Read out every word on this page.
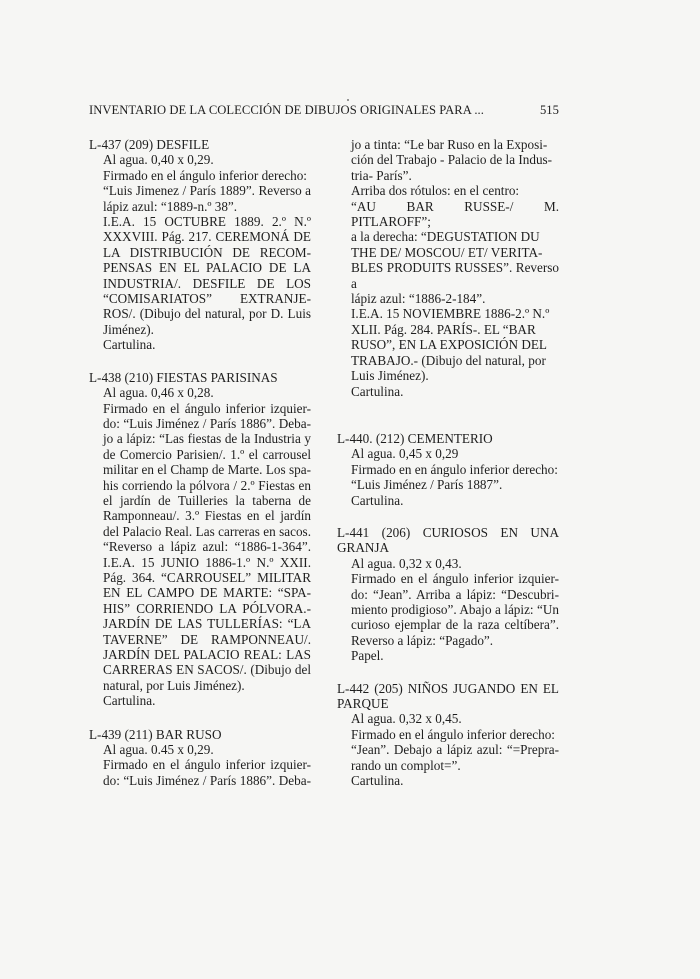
INVENTARIO DE LA COLECCIÓN DE DIBUJOS ORIGINALES PARA ...	515
L-437 (209) DESFILE

Al agua. 0,40 x 0,29.

Firmado en el ángulo inferior derecho:

“Luis Jimenez / París 1889”. Reverso a

lápiz azul: “1889-n.º 38”.

I.E.A. 15 OCTUBRE 1889. 2.º N.º

XXXVIII. Pág. 217. CEREMONÁ DE

LA DISTRIBUCIÓN DE RECOM-

PENSAS EN EL PALACIO DE LA

INDUSTRIA/. DESFILE DE LOS

“COMISARIATOS” EXTRANJE-

ROS/. (Dibujo del natural, por D. Luis

Jiménez).

Cartulina.

L-438 (210) FIESTAS PARISINAS

Al agua. 0,46 x 0,28.

Firmado en el ángulo inferior izquier-

do: “Luis Jiménez / París 1886”. Deba-

jo a lápiz: “Las fiestas de la Industria y

de Comercio Parisien/. 1.º el carrousel

militar en el Champ de Marte. Los spa-

his corriendo la pólvora / 2.º Fiestas en

el jardín de Tuilleries la taberna de

Ramponneau/. 3.º Fiestas en el jardín

del Palacio Real. Las carreras en sacos.

“Reverso a lápiz azul: “1886-1-364”.

I.E.A. 15 JUNIO 1886-1.º N.º XXII.

Pág. 364. “CARROUSEL” MILITAR

EN EL CAMPO DE MARTE: “SPA-

HIS” CORRIENDO LA PÓLVORA.-

JARDÍN DE LAS TULLERÍAS: “LA

TAVERNE” DE RAMPONNEAU/.

JARDÍN DEL PALACIO REAL: LAS

CARRERAS EN SACOS/. (Dibujo del

natural, por Luis Jiménez).

Cartulina.

L-439 (211) BAR RUSO

Al agua. 0.45 x 0,29.

Firmado en el ángulo inferior izquier-

do: “Luis Jiménez / París 1886”. Deba-

jo a tinta: “Le bar Ruso en la Exposi-

ción del Trabajo - Palacio de la Indus-

tria- París”.

Arriba dos rótulos: en el centro:

“AU BAR RUSSE-/ M. PITLAROFF”;

a la derecha: “DEGUSTATION DU

THE DE/ MOSCOU/ ET/ VERITA-

BLES PRODUITS RUSSES”. Reverso a

lápiz azul: “1886-2-184”.

I.E.A. 15 NOVIEMBRE 1886-2.º N.º

XLII. Pág. 284. PARÍS-. EL “BAR

RUSO”, EN LA EXPOSICIÓN DEL

TRABAJO.- (Dibujo del natural, por

Luis Jiménez).

Cartulina.

L-440. (212) CEMENTERIO

Al agua. 0,45 x 0,29

Firmado en en ángulo inferior derecho:

“Luis Jiménez / París 1887”.

Cartulina.

L-441 (206) CURIOSOS EN UNA
GRANJA

Al agua. 0,32 x 0,43.

Firmado en el ángulo inferior izquier-

do: “Jean”. Arriba a lápiz: “Descubri-

miento prodigioso”. Abajo a lápiz: “Un

curioso ejemplar de la raza celtíbera”.

Reverso a lápiz: “Pagado”.

Papel.

L-442 (205) NIÑOS JUGANDO EN EL
PARQUE

Al agua. 0,32 x 0,45.

Firmado en el ángulo inferior derecho:

“Jean”. Debajo a lápiz azul: “=Prepra-

rando un complot=”.

Cartulina.
